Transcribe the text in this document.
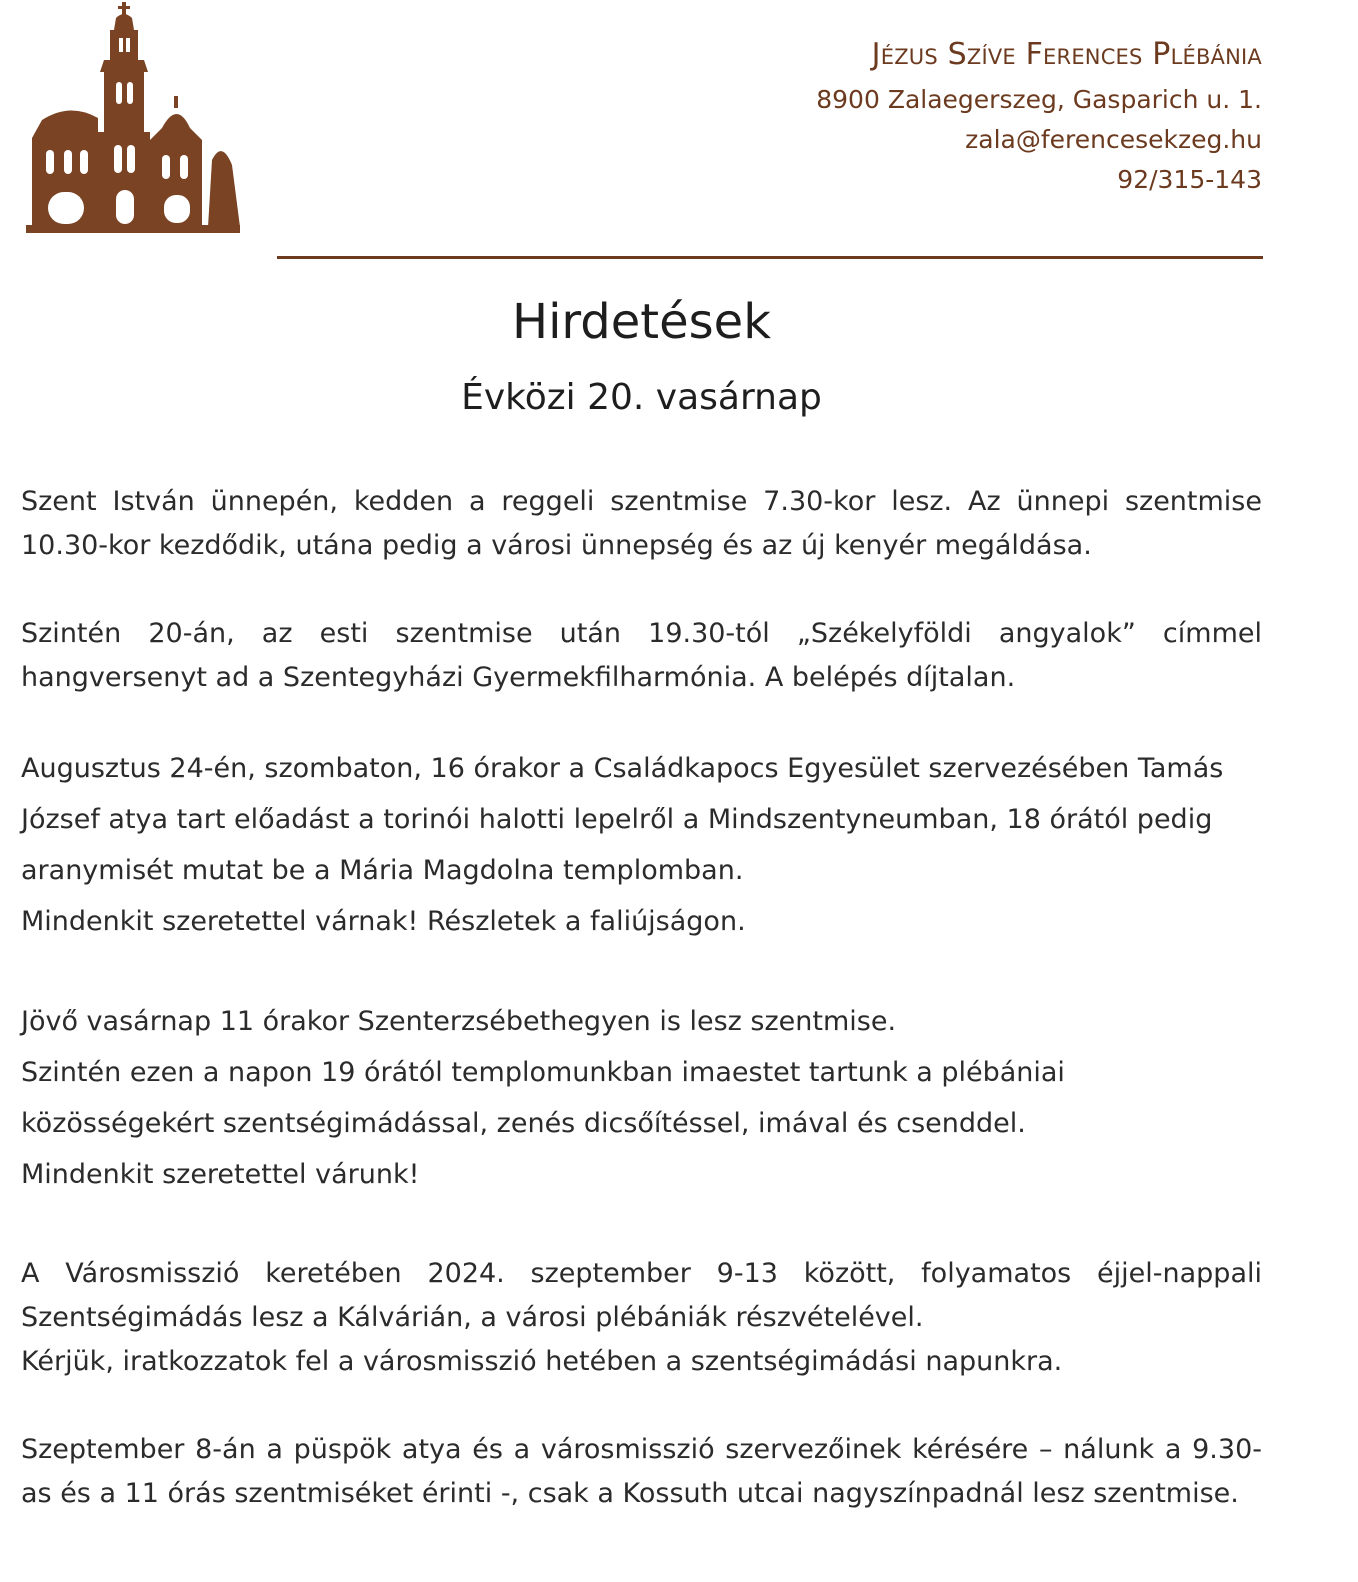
Jézus Szíve Ferences Plébánia
8900 Zalaegerszeg, Gasparich u. 1.
zala@ferencesekzeg.hu
92/315-143
Hirdetések
Évközi 20. vasárnap

Szent István ünnepén, kedden a reggeli szentmise 7.30-kor lesz. Az ünnepi szentmise 10.30-kor kezdődik, utána pedig a városi ünnepség és az új kenyér megáldása.

Szintén 20-án, az esti szentmise után 19.30-tól „Székelyföldi angyalok” címmel hangversenyt ad a Szentegyházi Gyermekfilharmónia. A belépés díjtalan.

Augusztus 24-én, szombaton, 16 órakor a Családkapocs Egyesület szervezésében Tamás

József atya tart előadást a torinói halotti lepelről a Mindszentyneumban, 18 órától pedig

aranymisét mutat be a Mária Magdolna templomban.

Mindenkit szeretettel várnak! Részletek a faliújságon.

Jövő vasárnap 11 órakor Szenterzsébethegyen is lesz szentmise.

Szintén ezen a napon 19 órától templomunkban imaestet tartunk a plébániai

közösségekért szentségimádással, zenés dicsőítéssel, imával és csenddel.

Mindenkit szeretettel várunk!

A Városmisszió keretében 2024. szeptember 9-13 között, folyamatos éjjel-nappali Szentségimádás lesz a Kálvárián, a városi plébániák részvételével.

Kérjük, iratkozzatok fel a városmisszió hetében a szentségimádási napunkra.

Szeptember 8-án a püspök atya és a városmisszió szervezőinek kérésére – nálunk a 9.30-as és a 11 órás szentmiséket érinti -, csak a Kossuth utcai nagyszínpadnál lesz szentmise.
